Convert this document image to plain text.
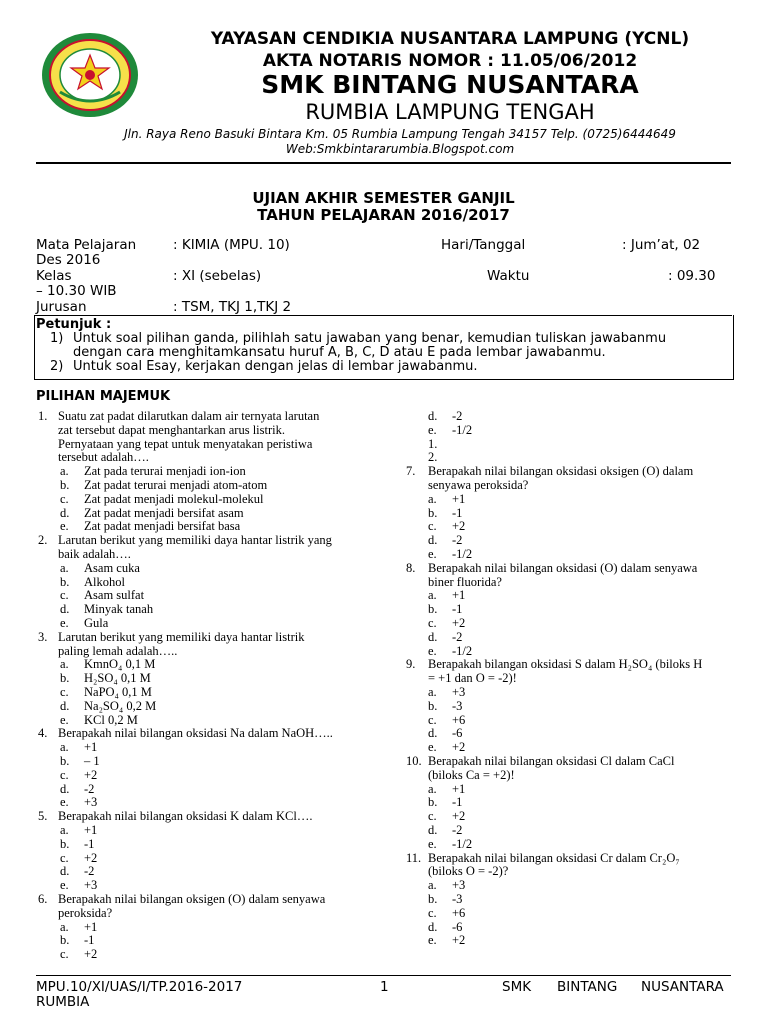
YAYASAN CENDIKIA NUSANTARA LAMPUNG (YCNL)
AKTA NOTARIS NOMOR : 11.05/06/2012
SMK BINTANG NUSANTARA
RUMBIA LAMPUNG TENGAH
Jln. Raya Reno Basuki Bintara Km. 05 Rumbia Lampung Tengah 34157 Telp. (0725)6444649
Web:Smkbintararumbia.Blogspot.com
UJIAN AKHIR SEMESTER GANJIL
TAHUN PELAJARAN 2016/2017
Mata Pelajaran	: KIMIA (MPU. 10)	Hari/Tanggal	: Jum’at, 02
Des 2016
Kelas	: XI (sebelas)	Waktu	: 09.30
– 10.30 WIB
Jurusan	: TSM, TKJ 1,TKJ 2
Petunjuk :
1) Untuk soal pilihan ganda, pilihlah satu jawaban yang benar, kemudian tuliskan jawabanmu
dengan cara menghitamkansatu huruf A, B, C, D atau E pada lembar jawabanmu.
2) Untuk soal Esay, kerjakan dengan jelas di lembar jawabanmu.
PILIHAN MAJEMUK
1. Suatu zat padat dilarutkan dalam air ternyata larutan
zat tersebut dapat menghantarkan arus listrik.
Pernyataan yang tepat untuk menyatakan peristiwa
tersebut adalah….
a. Zat pada terurai menjadi ion-ion
b. Zat padat terurai menjadi atom-atom
c. Zat padat menjadi molekul-molekul
d. Zat padat menjadi bersifat asam
e. Zat padat menjadi bersifat basa
2. Larutan berikut yang memiliki daya hantar listrik yang
baik adalah….
a. Asam cuka
b. Alkohol
c. Asam sulfat
d. Minyak tanah
e. Gula
3. Larutan berikut yang memiliki daya hantar listrik
paling lemah adalah…..
a. KmnO₄ 0,1 M
b. H₂SO₄ 0,1 M
c. NaPO₄ 0,1 M
d. Na₂SO₄ 0,2 M
e. KCl 0,2 M
4. Berapakah nilai bilangan oksidasi Na dalam NaOH…..
a. +1
b. – 1
c. +2
d. -2
e. +3
5. Berapakah nilai bilangan oksidasi K dalam KCl….
a. +1
b. -1
c. +2
d. -2
e. +3
6. Berapakah nilai bilangan oksigen (O) dalam senyawa
peroksida?
a. +1
b. -1
c. +2
d. -2
e. -1/2
1.
2.
7. Berapakah nilai bilangan oksidasi oksigen (O) dalam
senyawa peroksida?
a. +1
b. -1
c. +2
d. -2
e. -1/2
8. Berapakah nilai bilangan oksidasi (O) dalam senyawa
biner fluorida?
a. +1
b. -1
c. +2
d. -2
e. -1/2
9. Berapakah bilangan oksidasi S dalam H₂SO₄ (biloks H
= +1 dan O = -2)!
a. +3
b. -3
c. +6
d. -6
e. +2
10. Berapakah nilai bilangan oksidasi Cl dalam CaCl
(biloks Ca = +2)!
a. +1
b. -1
c. +2
d. -2
e. -1/2
11. Berapakah nilai bilangan oksidasi Cr dalam Cr₂O₇
(biloks O = -2)?
a. +3
b. -3
c. +6
d. -6
e. +2
MPU.10/XI/UAS/I/TP.2016-2017
RUMBIA
1	SMK BINTANG NUSANTARA
